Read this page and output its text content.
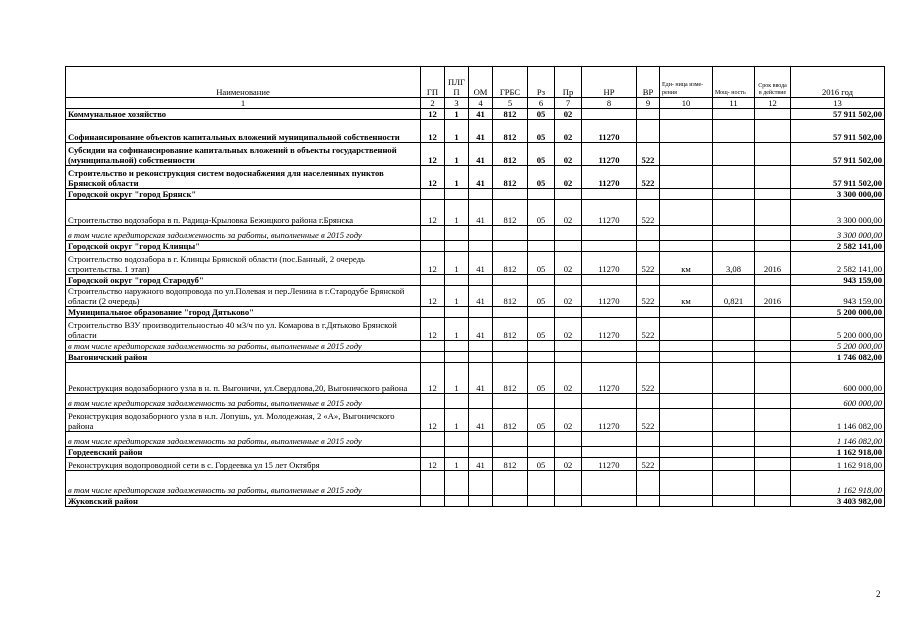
Наименование	ГП	ПЛГ П	ОМ	ГРБС	Рз	Пр	НР	ВР	Еди- ница изме- рения	Мощ- ность	Срок ввода в действие	2016 год
1	2	3	4	5	6	7	8	9	10	11	12	13
Коммунальное хозяйство	12	1	41	812	05	02						57 911 502,00
Софинансирование объектов капитальных вложений муниципальной собственности	12	1	41	812	05	02	11270					57 911 502,00
Субсидии на софинансирование капитальных вложений в объекты государственной (муниципальной) собственности	12	1	41	812	05	02	11270	522				57 911 502,00
Строительство и реконструкция систем водоснабжения для населенных пунктов Брянской области	12	1	41	812	05	02	11270	522				57 911 502,00
Городской округ "город Брянск"												3 300 000,00
Строительство водозабора в п. Радица-Крыловка Бежицкого района г.Брянска	12	1	41	812	05	02	11270	522				3 300 000,00
в том числе кредиторская задолженность за работы, выполненные в 2015 году												3 300 000,00
Городской округ "город Клинцы"												2 582 141,00
Строительство водозабора в г. Клинцы Брянской области (пос.Банный, 2 очередь строительства. 1 этап)	12	1	41	812	05	02	11270	522	км	3,08	2016	2 582 141,00
Городской округ "город Стародуб"												943 159,00
Строительство наружного водопровода по ул.Полевая и пер.Ленина в г.Стародубе Брянской области (2 очередь)	12	1	41	812	05	02	11270	522	км	0,821	2016	943 159,00
Муниципальное образование "город Дятьково"												5 200 000,00
Строительство ВЗУ производительностью 40 м3/ч по ул. Комарова в г.Дятьково Брянской области	12	1	41	812	05	02	11270	522				5 200 000,00
в том числе кредиторская задолженность за работы, выполненные в 2015 году												5 200 000,00
Выгоничский район												1 746 082,00
Реконструкция водозаборного узла в н. п. Выгоничи, ул.Свердлова,20, Выгоничского района	12	1	41	812	05	02	11270	522				600 000,00
в том числе кредиторская задолженность за работы, выполненные в 2015 году												600 000,00
Реконструкция водозаборного узла в н.п. Лопушь, ул. Молодежная, 2 «А», Выгоничского района	12	1	41	812	05	02	11270	522				1 146 082,00
в том числе кредиторская задолженность за работы, выполненные в 2015 году												1 146 082,00
Гордеевский район												1 162 918,00
Реконструкция водопроводной сети в с. Гордеевка ул 15 лет Октября	12	1	41	812	05	02	11270	522				1 162 918,00
в том числе кредиторская задолженность за работы, выполненные в 2015 году												1 162 918,00
Жуковский район												3 403 982,00
2
